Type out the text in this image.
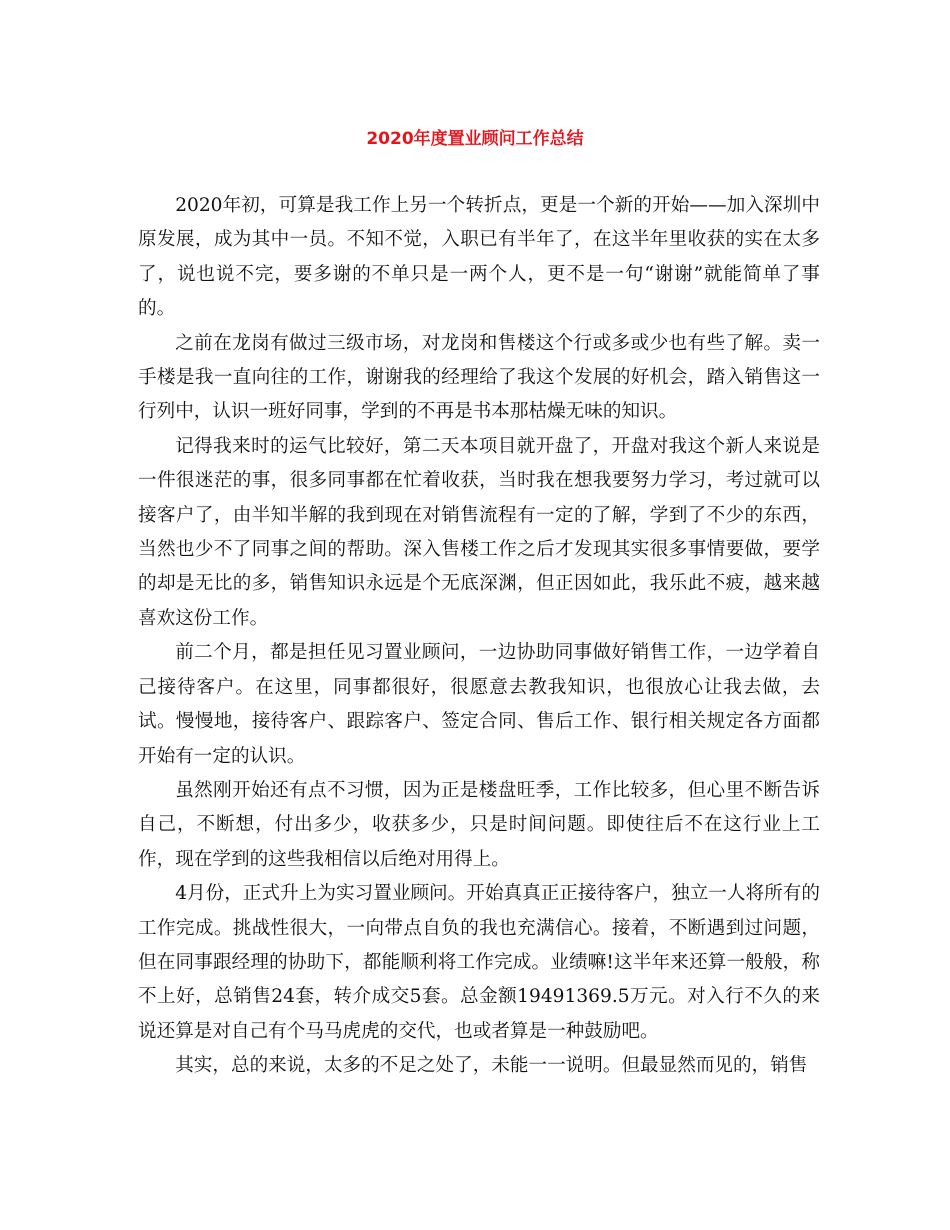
2020年度置业顾问工作总结

2020年初，可算是我工作上另一个转折点，更是一个新的开始——加入深圳中原发展，成为其中一员。不知不觉，入职已有半年了，在这半年里收获的实在太多了，说也说不完，要多谢的不单只是一两个人，更不是一句“谢谢”就能简单了事的。

之前在龙岗有做过三级市场，对龙岗和售楼这个行或多或少也有些了解。卖一手楼是我一直向往的工作，谢谢我的经理给了我这个发展的好机会，踏入销售这一行列中，认识一班好同事，学到的不再是书本那枯燥无味的知识。

记得我来时的运气比较好，第二天本项目就开盘了，开盘对我这个新人来说是一件很迷茫的事，很多同事都在忙着收获，当时我在想我要努力学习，考过就可以接客户了，由半知半解的我到现在对销售流程有一定的了解，学到了不少的东西，当然也少不了同事之间的帮助。深入售楼工作之后才发现其实很多事情要做，要学的却是无比的多，销售知识永远是个无底深渊，但正因如此，我乐此不疲，越来越喜欢这份工作。

前二个月，都是担任见习置业顾问，一边协助同事做好销售工作，一边学着自己接待客户。在这里，同事都很好，很愿意去教我知识，也很放心让我去做，去试。慢慢地，接待客户、跟踪客户、签定合同、售后工作、银行相关规定各方面都开始有一定的认识。

虽然刚开始还有点不习惯，因为正是楼盘旺季，工作比较多，但心里不断告诉自己，不断想，付出多少，收获多少，只是时间问题。即使往后不在这行业上工作，现在学到的这些我相信以后绝对用得上。

4月份，正式升上为实习置业顾问。开始真真正正接待客户，独立一人将所有的工作完成。挑战性很大，一向带点自负的我也充满信心。接着，不断遇到过问题，但在同事跟经理的协助下，都能顺利将工作完成。业绩嘛!这半年来还算一般般，称不上好，总销售24套，转介成交5套。总金额19491369.5万元。对入行不久的来说还算是对自己有个马马虎虎的交代，也或者算是一种鼓励吧。

其实，总的来说，太多的不足之处了，未能一一说明。但最显然而见的，销售
